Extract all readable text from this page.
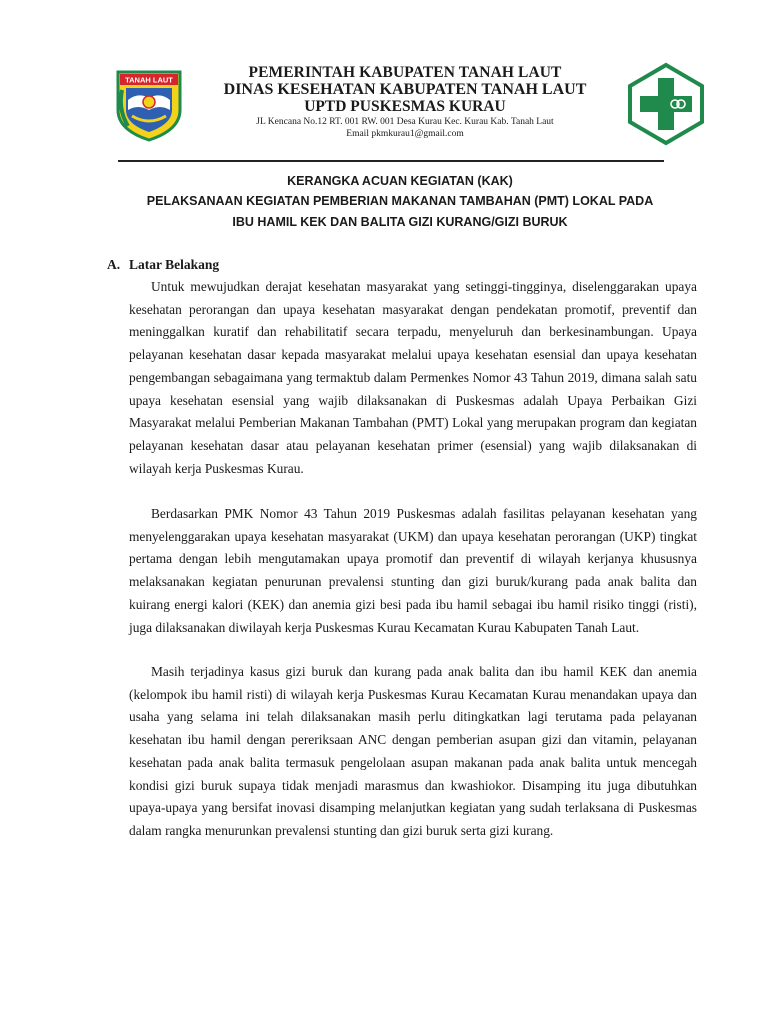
TANAH LAUT	PEMERINTAH KABUPATEN TANAH LAUT
DINAS KESEHATAN KABUPATEN TANAH LAUT
UPTD PUSKESMAS KURAU
JL Kencana No.12 RT. 001 RW. 001 Desa Kurau Kec. Kurau Kab. Tanah Laut
Email pkmkurau1@gmail.com
KERANGKA ACUAN KEGIATAN (KAK)
PELAKSANAAN KEGIATAN PEMBERIAN MAKANAN TAMBAHAN (PMT) LOKAL PADA
IBU HAMIL KEK DAN BALITA GIZI KURANG/GIZI BURUK
A. Latar Belakang

Untuk mewujudkan derajat kesehatan masyarakat yang setinggi-tingginya, diselenggarakan upaya kesehatan perorangan dan upaya kesehatan masyarakat dengan pendekatan promotif, preventif dan meninggalkan kuratif dan rehabilitatif secara terpadu, menyeluruh dan berkesinambungan. Upaya pelayanan kesehatan dasar kepada masyarakat melalui upaya kesehatan esensial dan upaya kesehatan pengembangan sebagaimana yang termaktub dalam Permenkes Nomor 43 Tahun 2019, dimana salah satu upaya kesehatan esensial yang wajib dilaksanakan di Puskesmas adalah Upaya Perbaikan Gizi Masyarakat melalui Pemberian Makanan Tambahan (PMT) Lokal yang merupakan program dan kegiatan pelayanan kesehatan dasar atau pelayanan kesehatan primer (esensial) yang wajib dilaksanakan di wilayah kerja Puskesmas Kurau.

Berdasarkan PMK Nomor 43 Tahun 2019 Puskesmas adalah fasilitas pelayanan kesehatan yang menyelenggarakan upaya kesehatan masyarakat (UKM) dan upaya kesehatan perorangan (UKP) tingkat pertama dengan lebih mengutamakan upaya promotif dan preventif di wilayah kerjanya khususnya melaksanakan kegiatan penurunan prevalensi stunting dan gizi buruk/kurang pada anak balita dan kuirang energi kalori (KEK) dan anemia gizi besi pada ibu hamil sebagai ibu hamil risiko tinggi (risti), juga dilaksanakan diwilayah kerja Puskesmas Kurau Kecamatan Kurau Kabupaten Tanah Laut.

Masih terjadinya kasus gizi buruk dan kurang pada anak balita dan ibu hamil KEK dan anemia (kelompok ibu hamil risti) di wilayah kerja Puskesmas Kurau Kecamatan Kurau menandakan upaya dan usaha yang selama ini telah dilaksanakan masih perlu ditingkatkan lagi terutama pada pelayanan kesehatan ibu hamil dengan pereriksaan ANC dengan pemberian asupan gizi dan vitamin, pelayanan kesehatan pada anak balita termasuk pengelolaan asupan makanan pada anak balita untuk mencegah kondisi gizi buruk supaya tidak menjadi marasmus dan kwashiokor. Disamping itu juga dibutuhkan upaya-upaya yang bersifat inovasi disamping melanjutkan kegiatan yang sudah terlaksana di Puskesmas dalam rangka menurunkan prevalensi stunting dan gizi buruk serta gizi kurang.
